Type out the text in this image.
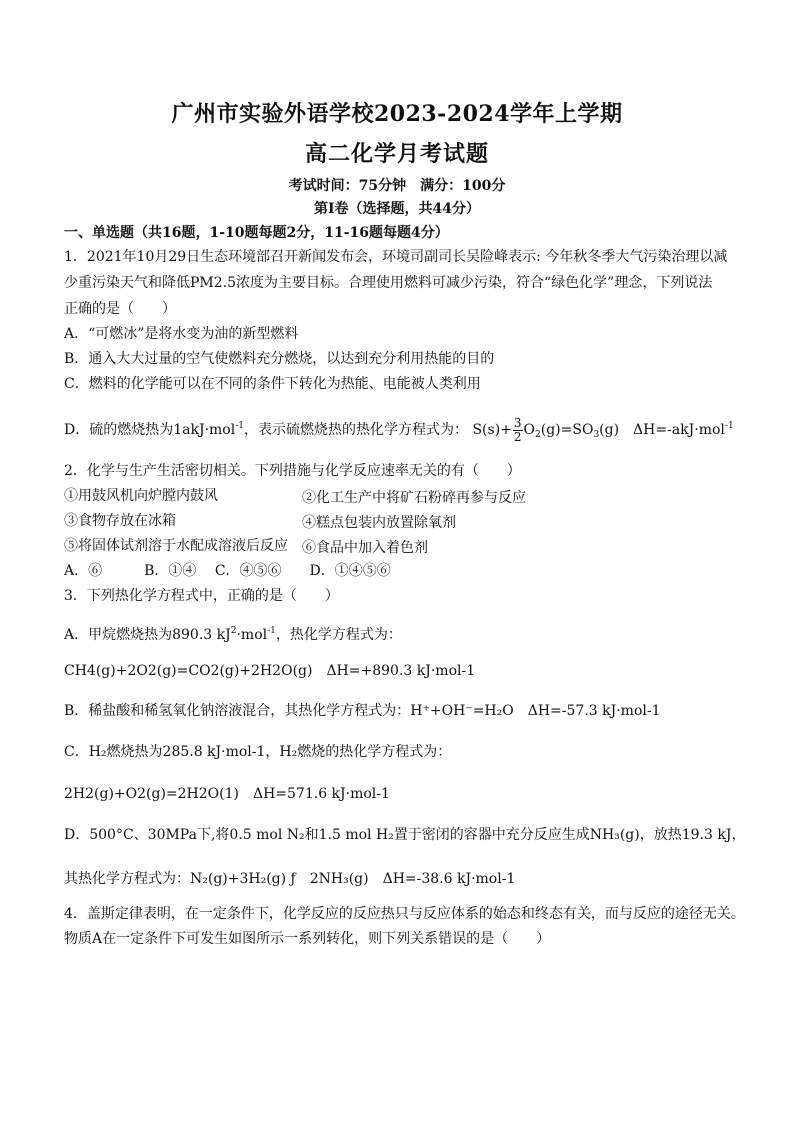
广州市实验外语学校2023-2024学年上学期
高二化学月考试题
考试时间：75分钟　满分：100分
第Ⅰ卷（选择题，共44分）
一、单选题（共16题，1-10题每题2分，11-16题每题4分）
1．2021年10月29日生态环境部召开新闻发布会，环境司副司长吴险峰表示: 今年秋冬季大气污染治理以减
少重污染天气和降低PM2.5浓度为主要目标。合理使用燃料可减少污染，符合“绿色化学”理念，下列说法
正确的是（　　）
A．“可燃冰”是将水变为油的新型燃料
B．通入大大过量的空气使燃料充分燃烧，以达到充分利用热能的目的
C．燃料的化学能可以在不同的条件下转化为热能、电能被人类利用
D．硫的燃烧热为1akJ·mol$^{-1}$，表示硫燃烧热的热化学方程式为： $S(s)+ \frac{3}{2} O_2(g)=SO_3(g)$　ΔH=-akJ·mol$^{-1}$
2．化学与生产生活密切相关。下列措施与化学反应速率无关的有（　　）
①用鼓风机向炉膛内鼓风	②化工生产中将矿石粉碎再参与反应
③食物存放在冰箱	④糕点包装内放置除氧剂
⑤将固体试剂溶于水配成溶液后反应 ⑥食品中加入着色剂
A．⑥　　　B．①④　 C．④⑤⑥　　D．①④⑤⑥
3．下列热化学方程式中，正确的是（　　）
A．甲烷燃烧热为890.3 $kJ^2\cdot mol^{-1}$，热化学方程式为：
CH4(g)+2O2(g)=CO2(g)+2H2O(g)　ΔH=+890.3 kJ·mol-1
B．稀盐酸和稀氢氧化钠溶液混合，其热化学方程式为：H⁺+OH⁻=H₂O　ΔH=-57.3 kJ·mol-1
C．H₂燃烧热为285.8 kJ·mol-1，H₂燃烧的热化学方程式为：
2H2(g)+O2(g)=2H2O(1)　ΔH=571.6 kJ·mol-1
D．500°C、30MPa下,将0.5 mol N₂和1.5 mol H₂置于密闭的容器中充分反应生成NH₃(g)，放热19.3 kJ，
其热化学方程式为：N₂(g)+3H₂(g) ƒ　2NH₃(g)　ΔH=-38.6 kJ·mol-1
4．盖斯定律表明，在一定条件下，化学反应的反应热只与反应体系的始态和终态有关，而与反应的途径无关。
物质A在一定条件下可发生如图所示一系列转化，则下列关系错误的是（　　）
